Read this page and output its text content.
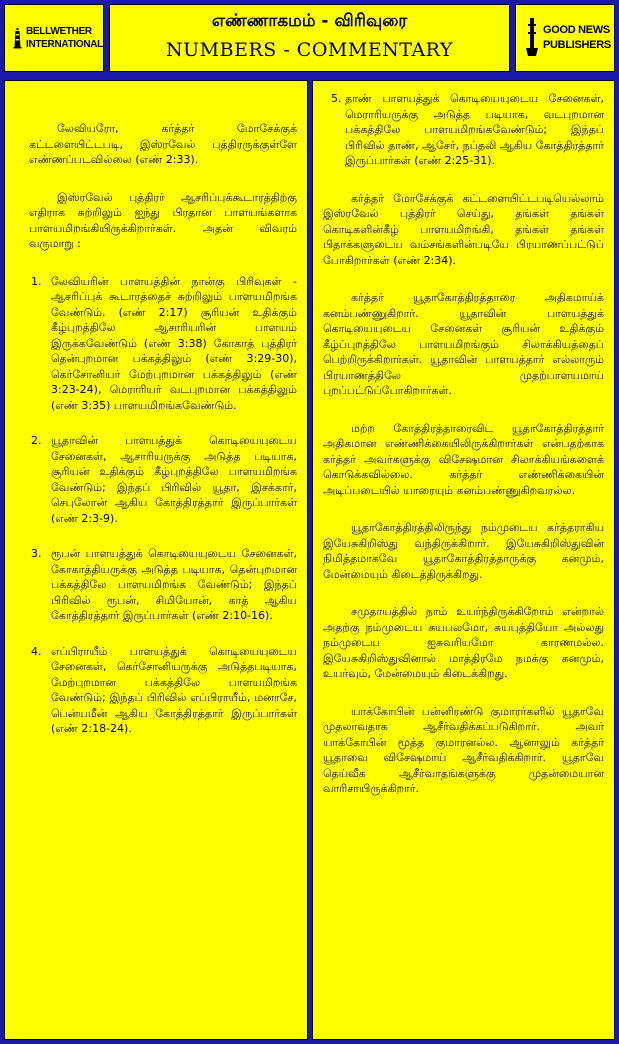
BELLWETHER
INTERNATIONAL
எண்ணாகமம் - விரிவுரை
NUMBERS - COMMENTARY
GOOD NEWS
PUBLISHERS

லேவியரோ, கர்த்தர் மோசேக்குக் கட்டளையிட்டபடி, இஸ்ரவேல் புத்திரருக்குள்ளே எண்ணப்படவில்லை (எண் 2:33).

இஸ்ரவேல் புத்திரர் ஆசரிப்புக்கூடாரத்திற்கு எதிராக சுற்றிலும் ஐந்து பிரதான பாளயங்களாக பாளயமிறங்கியிருக்கிறார்கள். அதன் விவரம் வருமாறு :

1. லேவியரின் பாளயத்தின் நான்கு பிரிவுகள் - ஆசரிப்புக் கூடாரத்தைச் சுற்றிலும் பாளயமிறங்க வேண்டும். (எண் 2:17) சூரியன் உதிக்கும் கீழ்புறத்திலே ஆசாரியரின் பாளயம் இருக்கவேண்டும் (எண் 3:38) கோகாத் புத்திரர் தென்புறமான பக்கத்திலும் (எண் 3:29-30), கெர்சோனியர் மேற்புறமான பக்கத்திலும் (எண் 3:23-24), மெராரியர் வடபுறமான பக்கத்திலும் (எண் 3:35) பாளயமிறங்கவேண்டும்.
2. யூதாவின் பாளயத்துக் கொடியையுடைய சேனைகள், ஆசாரியருக்கு அடுத்த படியாக, சூரியன் உதிக்கும் கீழ்புறத்திலே பாளயமிறங்க வேண்டும்; இந்தப் பிரிவில் யூதா, இசக்கார், செபுலோன் ஆகிய கோத்திரத்தார் இருப்பார்கள் (எண் 2:3-9).
3. ரூபன் பாளயத்துக் கொடியையுடைய சேனைகள், கோகாத்தியருக்கு அடுத்த படியாக, தென்புறமான பக்கத்திலே பாளயமிறங்க வேண்டும்; இந்தப் பிரிவில் ரூபன், சிமியோன், காத் ஆகிய கோத்திரத்தார் இருப்பார்கள் (எண் 2:10-16).
4. எப்பிராயீம் பாளயத்துக் கொடியையுடைய சேனைகள், கெர்சோனியருக்கு அடுத்தபடியாக, மேற்புறமான பக்கத்திலே பாளயமிறங்க வேண்டும்; இந்தப் பிரிவில் எப்பிராயீம், மனாசே, பென்யமீன் ஆகிய கோத்திரத்தார் இருப்பார்கள் (எண் 2:18-24).
5. தாண் பாளயத்துக் கொடியையுடைய சேனைகள், மெராரியருக்கு அடுத்த படியாக, வடபுறமான பக்கத்திலே பாளயமிறங்கவேண்டும்; இந்தப் பிரிவில் தாண், ஆசேர், நப்தலி ஆகிய கோத்திரத்தார் இருப்பார்கள் (எண் 2:25-31).

கர்த்தர் மோசேக்குக் கட்டளையிட்டபடியெல்லாம் இஸ்ரவேல் புத்திரர் செய்து, தங்கள் தங்கள் கொடிகளின்கீழ் பாளயமிறங்கி, தங்கள் தங்கள் பிதாக்களுடைய வம்சங்களின்படியே பிரயாணப்பட்டுப் போகிறார்கள் (எண் 2:34).

கர்த்தர் யூதாகோத்திரத்தாரை அதிகமாய்க் கனம்பண்ணுகிறார். யூதாவின் பாளயத்துக் கொடியையுடைய சேனைகள் சூரியன் உதிக்கும் கீழ்ப்புறத்திலே பாளயமிறங்கும் சிலாக்கியத்தைப் பெற்றிருக்கிறார்கள். யூதாவின் பாளயத்தார் எல்லாரும் பிரயாணத்திலே முதற்பாளயமாய் புறப்பட்டுப்போகிறார்கள்.

மற்ற கோத்திரத்தாரைவிட யூதாகோத்திரத்தார் அதிகமான எண்ணிக்கையிலிருக்கிறார்கள் என்பதற்காக கர்த்தர் அவர்களுக்கு விசேஷமான சிலாக்கியங்களைக் கொடுக்கவில்லை. கர்த்தர் எண்ணிக்கையின் அடிப்படையில் யாரையும் கனம்பண்ணுகிறவரல்ல.

யூதாகோத்திரத்திலிருந்து நம்முடைய கர்த்தராகிய இயேசுகிறிஸ்து வந்திருக்கிறார். இயேசுகிறிஸ்துவின் நிமித்தமாகவே யூதாகோத்திரத்தாருக்கு கனமும், மேன்மையும் கிடைத்திருக்கிறது.

சமுதாயத்தில் நாம் உயர்ந்திருக்கிறோம் என்றால் அதற்கு நம்முடைய சுயபலமோ, சுயபுத்தியோ அல்லது நம்முடைய ஐசுவரியமோ காரணமல்ல. இயேசுகிறிஸ்துவினால் மாத்திரமே நமக்கு கனமும், உயர்வும், மேன்மையும் கிடைக்கிறது.

யாக்கோபின் பன்னிரண்டு குமாரர்களில் யூதாவே முதலாவதாக ஆசீர்வதிக்கப்படுகிறார். அவர் யாக்கோபின் மூத்த குமாரனல்ல. ஆனாலும் கர்த்தர் யூதாவை விசேஷமாய் ஆசீர்வதிக்கிறார். யூதாவே தெய்வீக ஆசீர்வாதங்களுக்கு முதன்மையான வாரிசாயிருக்கிறார்.
